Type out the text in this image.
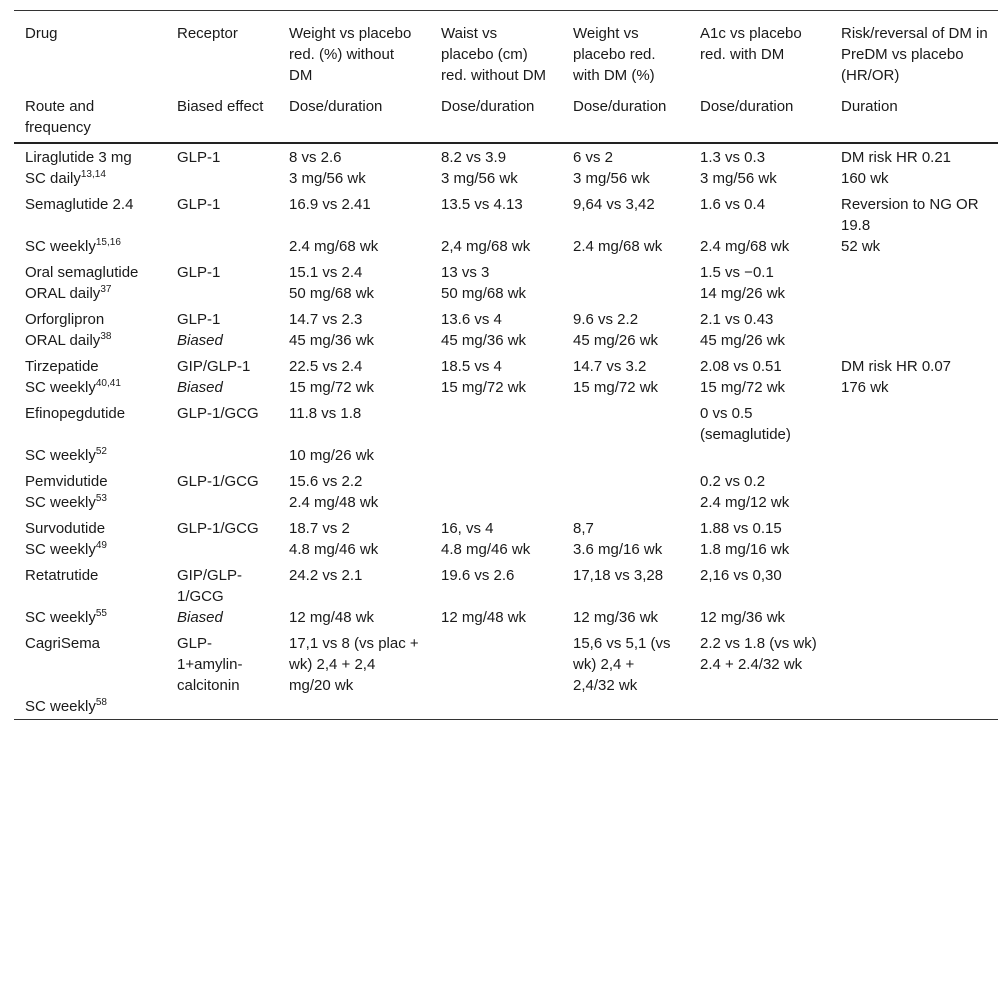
Drug	Receptor	Weight vs placebo red. (%) without DM	Waist vs placebo (cm) red. without DM	Weight vs placebo red. with DM (%)	A1c vs placebo red. with DM	Risk/reversal of DM in PreDM vs placebo (HR/OR)
Route and frequency	Biased effect	Dose/duration	Dose/duration	Dose/duration	Dose/duration	Duration
Liraglutide 3 mg	GLP-1	8 vs 2.6	8.2 vs 3.9	6 vs 2	1.3 vs 0.3	DM risk HR 0.21
SC daily$^{13,14}$		3 mg/56 wk	3 mg/56 wk	3 mg/56 wk	3 mg/56 wk	160 wk
Semaglutide 2.4	GLP-1	16.9 vs 2.41	13.5 vs 4.13	9,64 vs 3,42	1.6 vs 0.4	Reversion to NG OR 19.8
SC weekly$^{15,16}$		2.4 mg/68 wk	2,4 mg/68 wk	2.4 mg/68 wk	2.4 mg/68 wk	52 wk
Oral semaglutide	GLP-1	15.1 vs 2.4	13 vs 3		1.5 vs −0.1	
ORAL daily$^{37}$		50 mg/68 wk	50 mg/68 wk		14 mg/26 wk	
Orforglipron	GLP-1	14.7 vs 2.3	13.6 vs 4	9.6 vs 2.2	2.1 vs 0.43	
ORAL daily$^{38}$	Biased	45 mg/36 wk	45 mg/36 wk	45 mg/26 wk	45 mg/26 wk	
Tirzepatide	GIP/GLP-1	22.5 vs 2.4	18.5 vs 4	14.7 vs 3.2	2.08 vs 0.51	DM risk HR 0.07
SC weekly$^{40,41}$	Biased	15 mg/72 wk	15 mg/72 wk	15 mg/72 wk	15 mg/72 wk	176 wk
Efinopegdutide	GLP-1/GCG	11.8 vs 1.8			0 vs 0.5 (semaglutide)	
SC weekly$^{52}$		10 mg/26 wk				
Pemvidutide	GLP-1/GCG	15.6 vs 2.2			0.2 vs 0.2	
SC weekly$^{53}$		2.4 mg/48 wk			2.4 mg/12 wk	
Survodutide	GLP-1/GCG	18.7 vs 2	16, vs 4	8,7	1.88 vs 0.15	
SC weekly$^{49}$		4.8 mg/46 wk	4.8 mg/46 wk	3.6 mg/16 wk	1.8 mg/16 wk	
Retatrutide	GIP/GLP-1/GCG	24.2 vs 2.1	19.6 vs 2.6	17,18 vs 3,28	2,16 vs 0,30	
SC weekly$^{55}$	Biased	12 mg/48 wk	12 mg/48 wk	12 mg/36 wk	12 mg/36 wk	
CagriSema	GLP-1+amylin-calcitonin	17,1 vs 8 (vs plac + wk) 2,4 + 2,4 mg/20 wk		15,6 vs 5,1 (vs wk) 2,4 + 2,4/32 wk	2.2 vs 1.8 (vs wk) 2.4 + 2.4/32 wk	
SC weekly$^{58}$						
